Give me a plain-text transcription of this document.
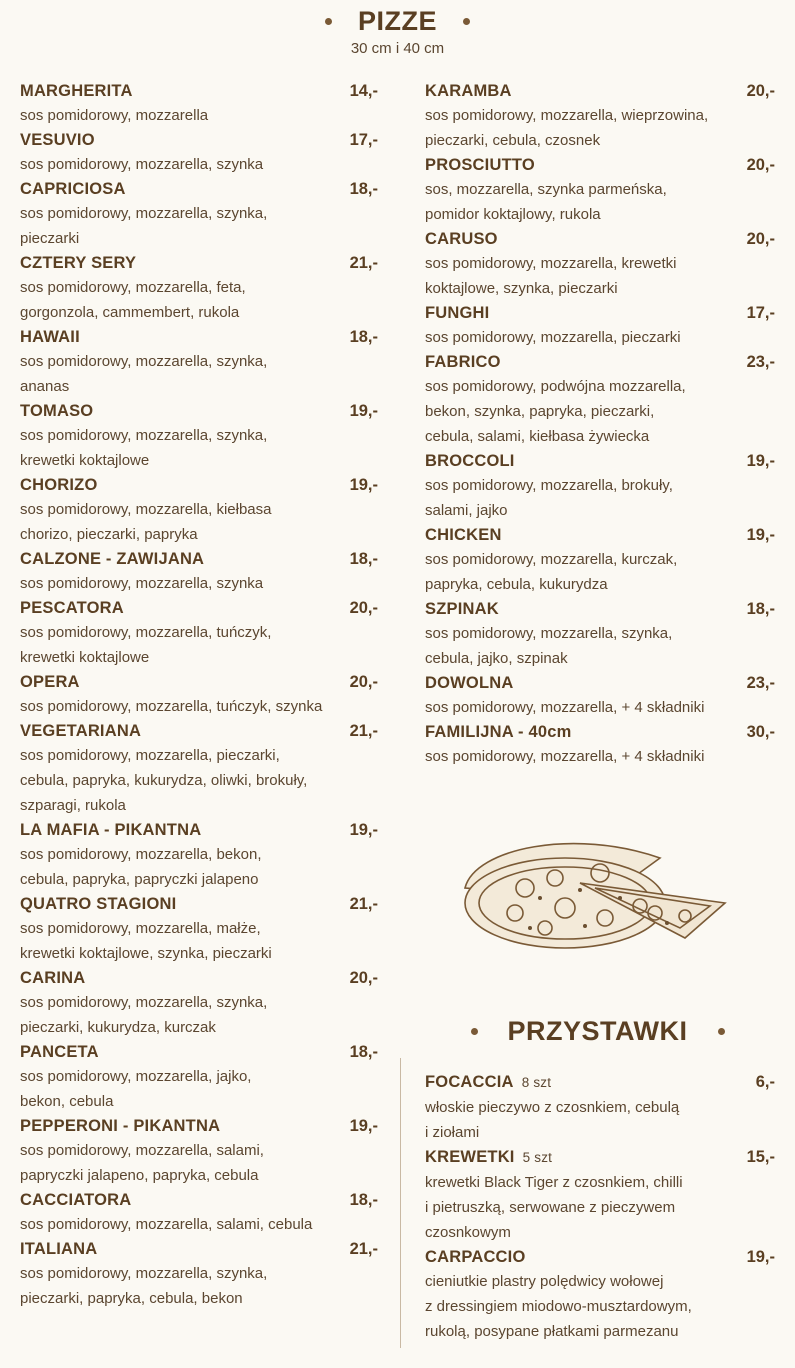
PIZZE
30 cm i 40 cm
MARGHERITA	14,-
sos pomidorowy, mozzarella
VESUVIO	17,-
sos pomidorowy, mozzarella, szynka
CAPRICIOSA	18,-
sos pomidorowy, mozzarella, szynka,
pieczarki
CZTERY SERY	21,-
sos pomidorowy, mozzarella, feta,
gorgonzola, cammembert, rukola
HAWAII	18,-
sos pomidorowy, mozzarella, szynka,
ananas
TOMASO	19,-
sos pomidorowy, mozzarella, szynka,
krewetki koktajlowe
CHORIZO	19,-
sos pomidorowy, mozzarella, kiełbasa
chorizo, pieczarki, papryka
CALZONE - ZAWIJANA	18,-
sos pomidorowy, mozzarella, szynka
PESCATORA	20,-
sos pomidorowy, mozzarella, tuńczyk,
krewetki koktajlowe
OPERA	20,-
sos pomidorowy, mozzarella, tuńczyk, szynka
VEGETARIANA	21,-
sos pomidorowy, mozzarella, pieczarki,
cebula, papryka, kukurydza, oliwki, brokuły,
szparagi, rukola
LA MAFIA - PIKANTNA	19,-
sos pomidorowy, mozzarella, bekon,
cebula, papryka, papryczki jalapeno
QUATRO STAGIONI	21,-
sos pomidorowy, mozzarella, małże,
krewetki koktajlowe, szynka, pieczarki
CARINA	20,-
sos pomidorowy, mozzarella, szynka,
pieczarki, kukurydza, kurczak
PANCETA	18,-
sos pomidorowy, mozzarella, jajko,
bekon, cebula
PEPPERONI - PIKANTNA	19,-
sos pomidorowy, mozzarella, salami,
papryczki jalapeno, papryka, cebula
CACCIATORA	18,-
sos pomidorowy, mozzarella, salami, cebula
ITALIANA	21,-
sos pomidorowy, mozzarella, szynka,
pieczarki, papryka, cebula, bekon
KARAMBA	20,-
sos pomidorowy, mozzarella, wieprzowina,
pieczarki, cebula, czosnek
PROSCIUTTO	20,-
sos, mozzarella, szynka parmeńska,
pomidor koktajlowy, rukola
CARUSO	20,-
sos pomidorowy, mozzarella, krewetki
koktajlowe, szynka, pieczarki
FUNGHI	17,-
sos pomidorowy, mozzarella, pieczarki
FABRICO	23,-
sos pomidorowy, podwójna mozzarella,
bekon, szynka, papryka, pieczarki,
cebula, salami, kiełbasa żywiecka
BROCCOLI	19,-
sos pomidorowy, mozzarella, brokuły,
salami, jajko
CHICKEN	19,-
sos pomidorowy, mozzarella, kurczak,
papryka, cebula, kukurydza
SZPINAK	18,-
sos pomidorowy, mozzarella, szynka,
cebula, jajko, szpinak
DOWOLNA	23,-
sos pomidorowy, mozzarella, + 4 składniki
FAMILIJNA - 40cm	30,-
sos pomidorowy, mozzarella, + 4 składniki
PRZYSTAWKI
FOCACCIA 8 szt	6,-
włoskie pieczywo z czosnkiem, cebulą
i ziołami
KREWETKI 5 szt	15,-
krewetki Black Tiger z czosnkiem, chilli
i pietruszką, serwowane z pieczywem
czosnkowym
CARPACCIO	19,-
cieniutkie plastry polędwicy wołowej
z dressingiem miodowo-musztardowym,
rukolą, posypane płatkami parmezanu
